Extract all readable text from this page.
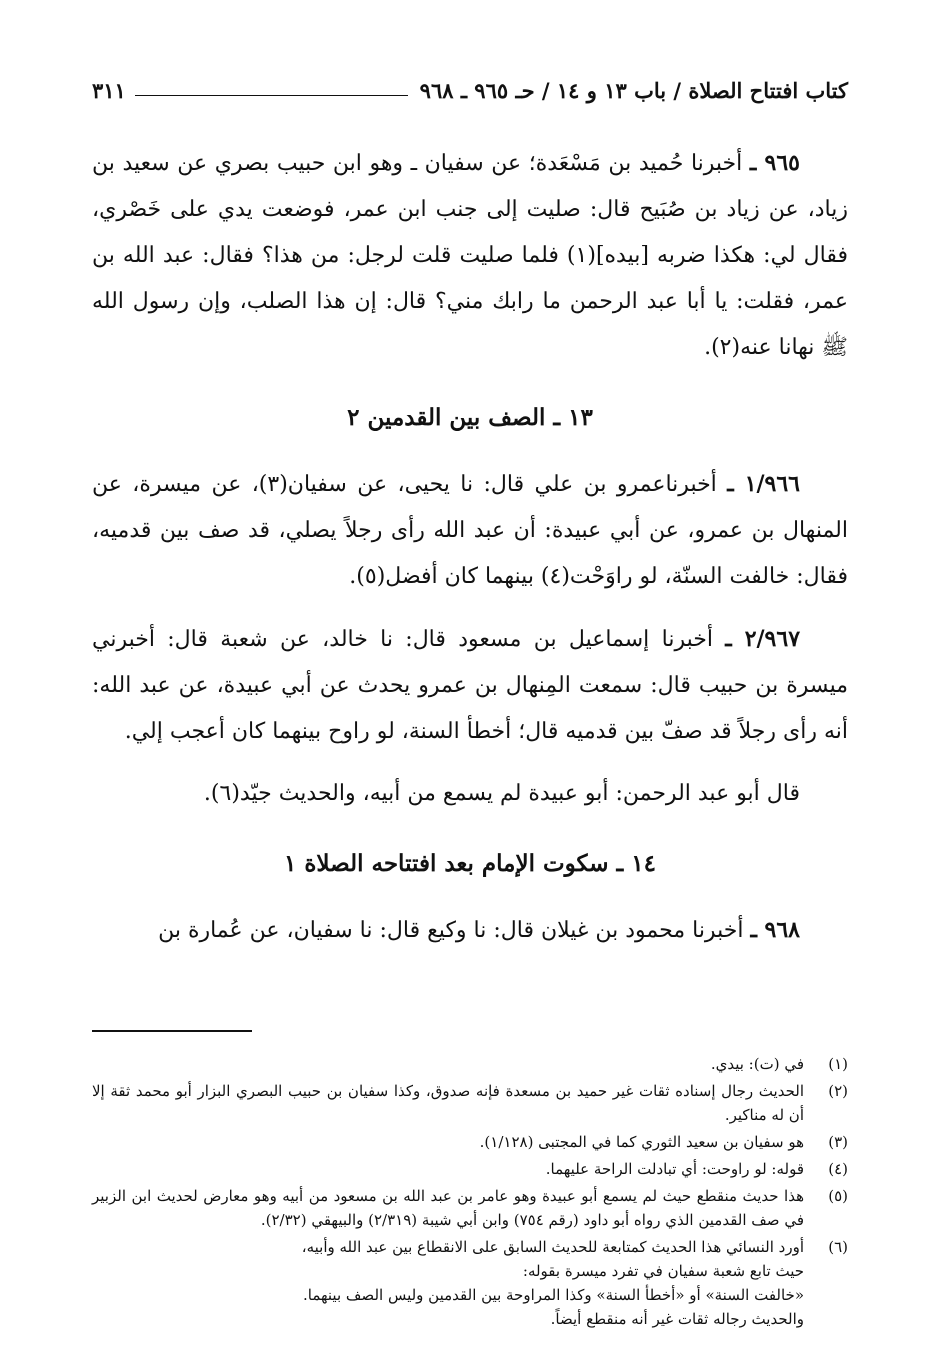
كتاب افتتاح الصلاة / باب ١٣ و ١٤ / حـ ٩٦٥ ـ ٩٦٨
٣١١

٩٦٥ ـ أخبرنا حُميد بن مَسْعَدة؛ عن سفيان ـ وهو ابن حبيب بصري عن سعيد بن زياد، عن زياد بن صُبَيح قال: صليت إلى جنب ابن عمر، فوضعت يدي على خَصْري، فقال لي: هكذا ضربه [بيده](١) فلما صليت قلت لرجل: من هذا؟ فقال: عبد الله بن عمر، فقلت: يا أبا عبد الرحمن ما رابك مني؟ قال: إن هذا الصلب، وإن رسول الله ﷺ نهانا عنه(٢).

١٣ ـ الصف بين القدمين ٢

١/٩٦٦ ـ أخبرناعمرو بن علي قال: نا يحيى، عن سفيان(٣)، عن ميسرة، عن المنهال بن عمرو، عن أبي عبيدة: أن عبد الله رأى رجلاً يصلي، قد صف بين قدميه، فقال: خالفت السنّة، لو راوَحْت(٤) بينهما كان أفضل(٥).

٢/٩٦٧ ـ أخبرنا إسماعيل بن مسعود قال: نا خالد، عن شعبة قال: أخبرني ميسرة بن حبيب قال: سمعت المِنهال بن عمرو يحدث عن أبي عبيدة، عن عبد الله: أنه رأى رجلاً قد صفّ بين قدميه قال؛ أخطأ السنة، لو راوح بينهما كان أعجب إلي.

قال أبو عبد الرحمن: أبو عبيدة لم يسمع من أبيه، والحديث جيّد(٦).

١٤ ـ سكوت الإمام بعد افتتاحه الصلاة ١

٩٦٨ ـ أخبرنا محمود بن غيلان قال: نا وكيع قال: نا سفيان، عن عُمارة بن

(١)
في (ت): بيدي.
(٢)
الحديث رجال إسناده ثقات غير حميد بن مسعدة فإنه صدوق، وكذا سفيان بن حبيب البصري البزار أبو محمد ثقة إلا أن له مناكير.
(٣)
هو سفيان بن سعيد الثوري كما في المجتبى (١/١٢٨).
(٤)
قوله: لو راوحت: أي تبادلت الراحة عليهما.
(٥)
هذا حديث منقطع حيث لم يسمع أبو عبيدة وهو عامر بن عبد الله بن مسعود من أبيه وهو معارض لحديث ابن الزبير في صف القدمين الذي رواه أبو داود (رقم ٧٥٤) وابن أبي شيبة (٢/٣١٩) والبيهقي (٢/٣٢).
(٦)
أورد النسائي هذا الحديث كمتابعة للحديث السابق على الانقطاع بين عبد الله وأبيه،
حيث تابع شعبة سفيان في تفرد ميسرة بقوله:
«خالفت السنة» أو «أخطأ السنة» وكذا المراوحة بين القدمين وليس الصف بينهما.
والحديث رجاله ثقات غير أنه منقطع أيضاً.
